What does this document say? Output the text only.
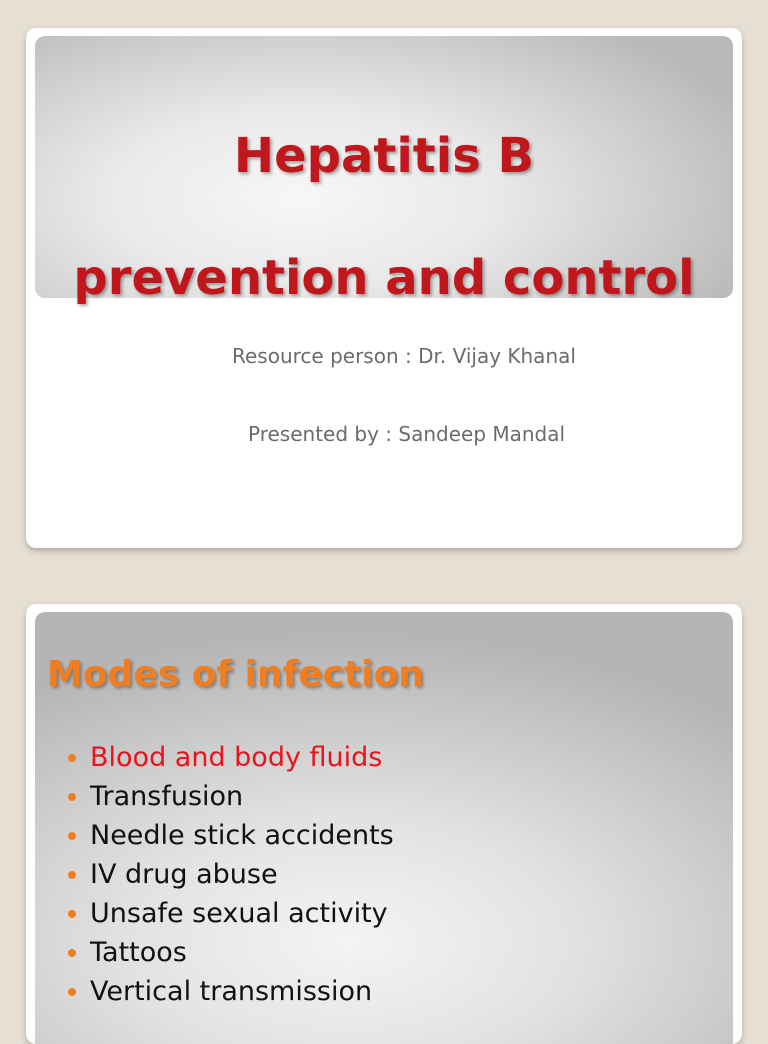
Hepatitis B
prevention and control

Resource person : Dr. Vijay Khanal

Presented by : Sandeep Mandal

Modes of infection
Blood and body fluids
Transfusion
Needle stick accidents
IV drug abuse
Unsafe sexual activity
Tattoos
Vertical transmission
